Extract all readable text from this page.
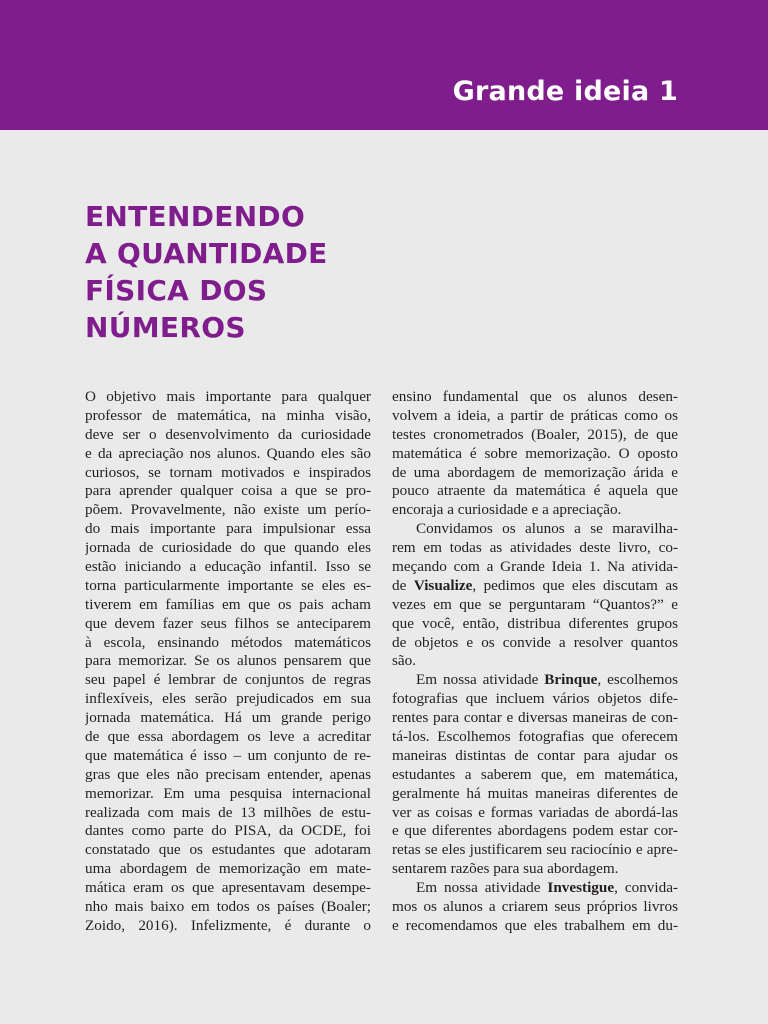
Grande ideia 1
ENTENDENDO
A QUANTIDADE
FÍSICA DOS
NÚMEROS
O objetivo mais importante para qualquer
professor de matemática, na minha visão,
deve ser o desenvolvimento da curiosidade
e da apreciação nos alunos. Quando eles são
curiosos, se tornam motivados e inspirados
para aprender qualquer coisa a que se pro-
põem. Provavelmente, não existe um perío-
do mais importante para impulsionar essa
jornada de curiosidade do que quando eles
estão iniciando a educação infantil. Isso se
torna particularmente importante se eles es-
tiverem em famílias em que os pais acham
que devem fazer seus filhos se anteciparem
à escola, ensinando métodos matemáticos
para memorizar. Se os alunos pensarem que
seu papel é lembrar de conjuntos de regras
inflexíveis, eles serão prejudicados em sua
jornada matemática. Há um grande perigo
de que essa abordagem os leve a acreditar
que matemática é isso – um conjunto de re-
gras que eles não precisam entender, apenas
memorizar. Em uma pesquisa internacional
realizada com mais de 13 milhões de estu-
dantes como parte do PISA, da OCDE, foi
constatado que os estudantes que adotaram
uma abordagem de memorização em mate-
mática eram os que apresentavam desempe-
nho mais baixo em todos os países (Boaler;
Zoido, 2016). Infelizmente, é durante o
ensino fundamental que os alunos desen-
volvem a ideia, a partir de práticas como os
testes cronometrados (Boaler, 2015), de que
matemática é sobre memorização. O oposto
de uma abordagem de memorização árida e
pouco atraente da matemática é aquela que
encoraja a curiosidade e a apreciação.
Convidamos os alunos a se maravilha-
rem em todas as atividades deste livro, co-
meçando com a Grande Ideia 1. Na ativida-
de Visualize, pedimos que eles discutam as
vezes em que se perguntaram “Quantos?” e
que você, então, distribua diferentes grupos
de objetos e os convide a resolver quantos
são.
Em nossa atividade Brinque, escolhemos
fotografias que incluem vários objetos dife-
rentes para contar e diversas maneiras de con-
tá-los. Escolhemos fotografias que oferecem
maneiras distintas de contar para ajudar os
estudantes a saberem que, em matemática,
geralmente há muitas maneiras diferentes de
ver as coisas e formas variadas de abordá-las
e que diferentes abordagens podem estar cor-
retas se eles justificarem seu raciocínio e apre-
sentarem razões para sua abordagem.
Em nossa atividade Investigue, convida-
mos os alunos a criarem seus próprios livros
e recomendamos que eles trabalhem em du-
